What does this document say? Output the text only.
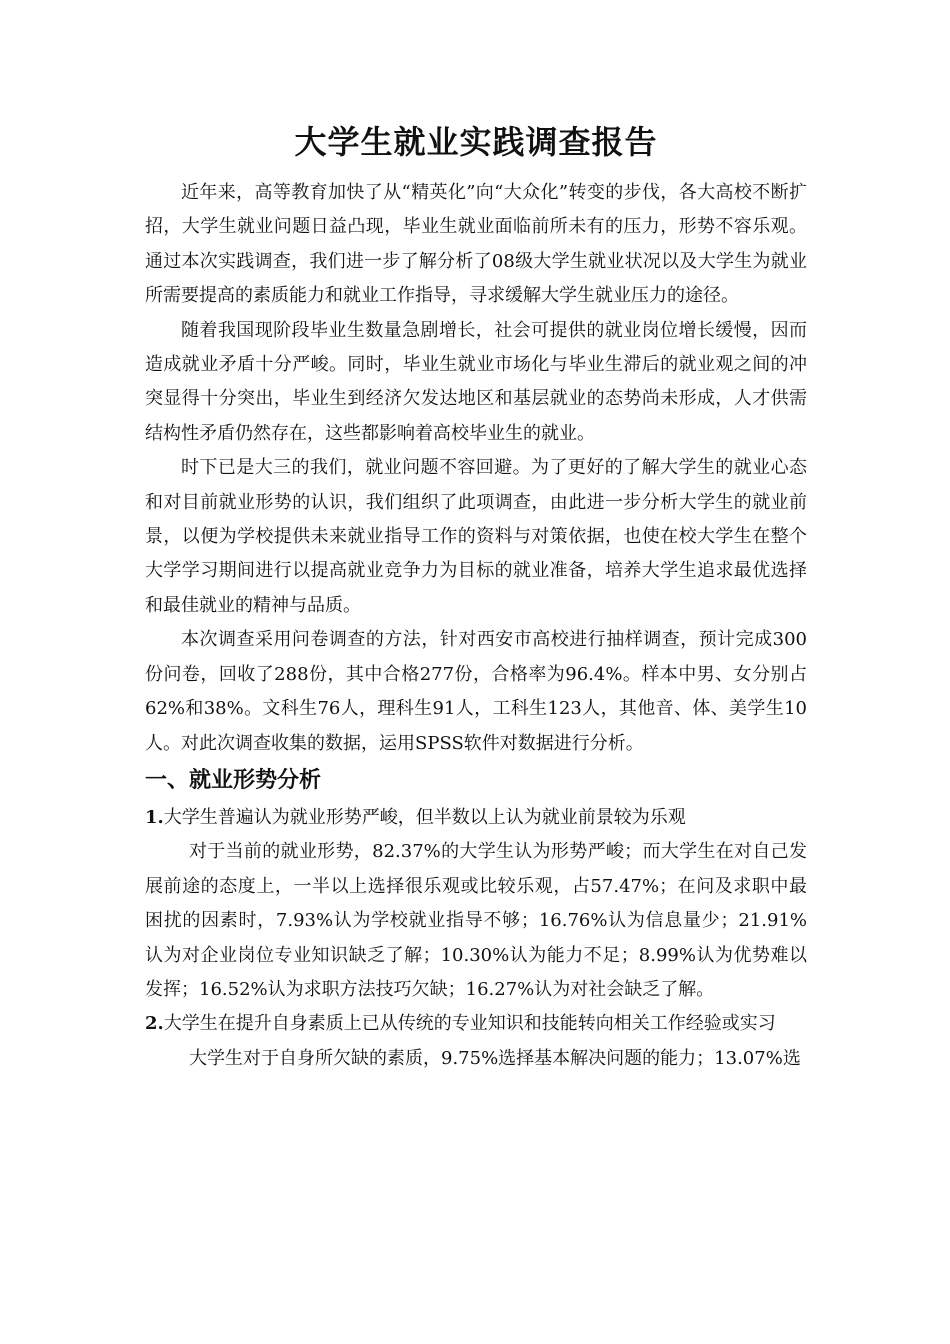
大学生就业实践调查报告

近年来，高等教育加快了从“精英化”向“大众化”转变的步伐，各大高校不断扩招，大学生就业问题日益凸现，毕业生就业面临前所未有的压力，形势不容乐观。通过本次实践调查，我们进一步了解分析了08级大学生就业状况以及大学生为就业所需要提高的素质能力和就业工作指导，寻求缓解大学生就业压力的途径。

随着我国现阶段毕业生数量急剧增长，社会可提供的就业岗位增长缓慢，因而造成就业矛盾十分严峻。同时，毕业生就业市场化与毕业生滞后的就业观之间的冲突显得十分突出，毕业生到经济欠发达地区和基层就业的态势尚未形成，人才供需结构性矛盾仍然存在，这些都影响着高校毕业生的就业。

时下已是大三的我们，就业问题不容回避。为了更好的了解大学生的就业心态和对目前就业形势的认识，我们组织了此项调查，由此进一步分析大学生的就业前景，以便为学校提供未来就业指导工作的资料与对策依据，也使在校大学生在整个大学学习期间进行以提高就业竞争力为目标的就业准备，培养大学生追求最优选择和最佳就业的精神与品质。

本次调查采用问卷调查的方法，针对西安市高校进行抽样调查，预计完成300份问卷，回收了288份，其中合格277份，合格率为96.4%。样本中男、女分别占62%和38%。文科生76人，理科生91人，工科生123人，其他音、体、美学生10人。对此次调查收集的数据，运用SPSS软件对数据进行分析。

一、就业形势分析

1.大学生普遍认为就业形势严峻，但半数以上认为就业前景较为乐观

对于当前的就业形势，82.37%的大学生认为形势严峻；而大学生在对自己发展前途的态度上，一半以上选择很乐观或比较乐观，占57.47%；在问及求职中最困扰的因素时，7.93%认为学校就业指导不够；16.76%认为信息量少；21.91%认为对企业岗位专业知识缺乏了解；10.30%认为能力不足；8.99%认为优势难以发挥；16.52%认为求职方法技巧欠缺；16.27%认为对社会缺乏了解。

2.大学生在提升自身素质上已从传统的专业知识和技能转向相关工作经验或实习

大学生对于自身所欠缺的素质，9.75%选择基本解决问题的能力；13.07%选
